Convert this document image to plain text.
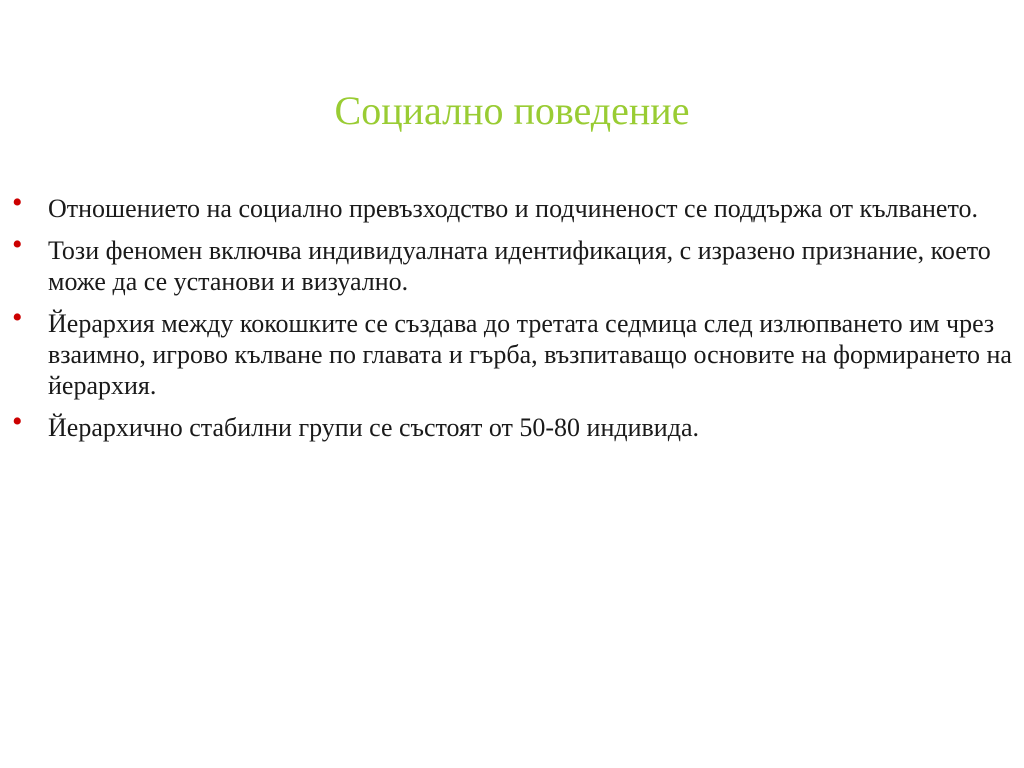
Социално поведение
• Отношението на социално превъзходство и подчиненост се поддържа от кълването.
• Този феномен включва индивидуалната идентификация, с изразено признание, което може да се установи и визуално.
• Йерархия между кокошките се създава до третата седмица след излюпването им чрез взаимно, игрово кълване по главата и гърба, възпитаващо основите на формирането на йерархия.
• Йерархично стабилни групи се състоят от 50-80 индивида.
